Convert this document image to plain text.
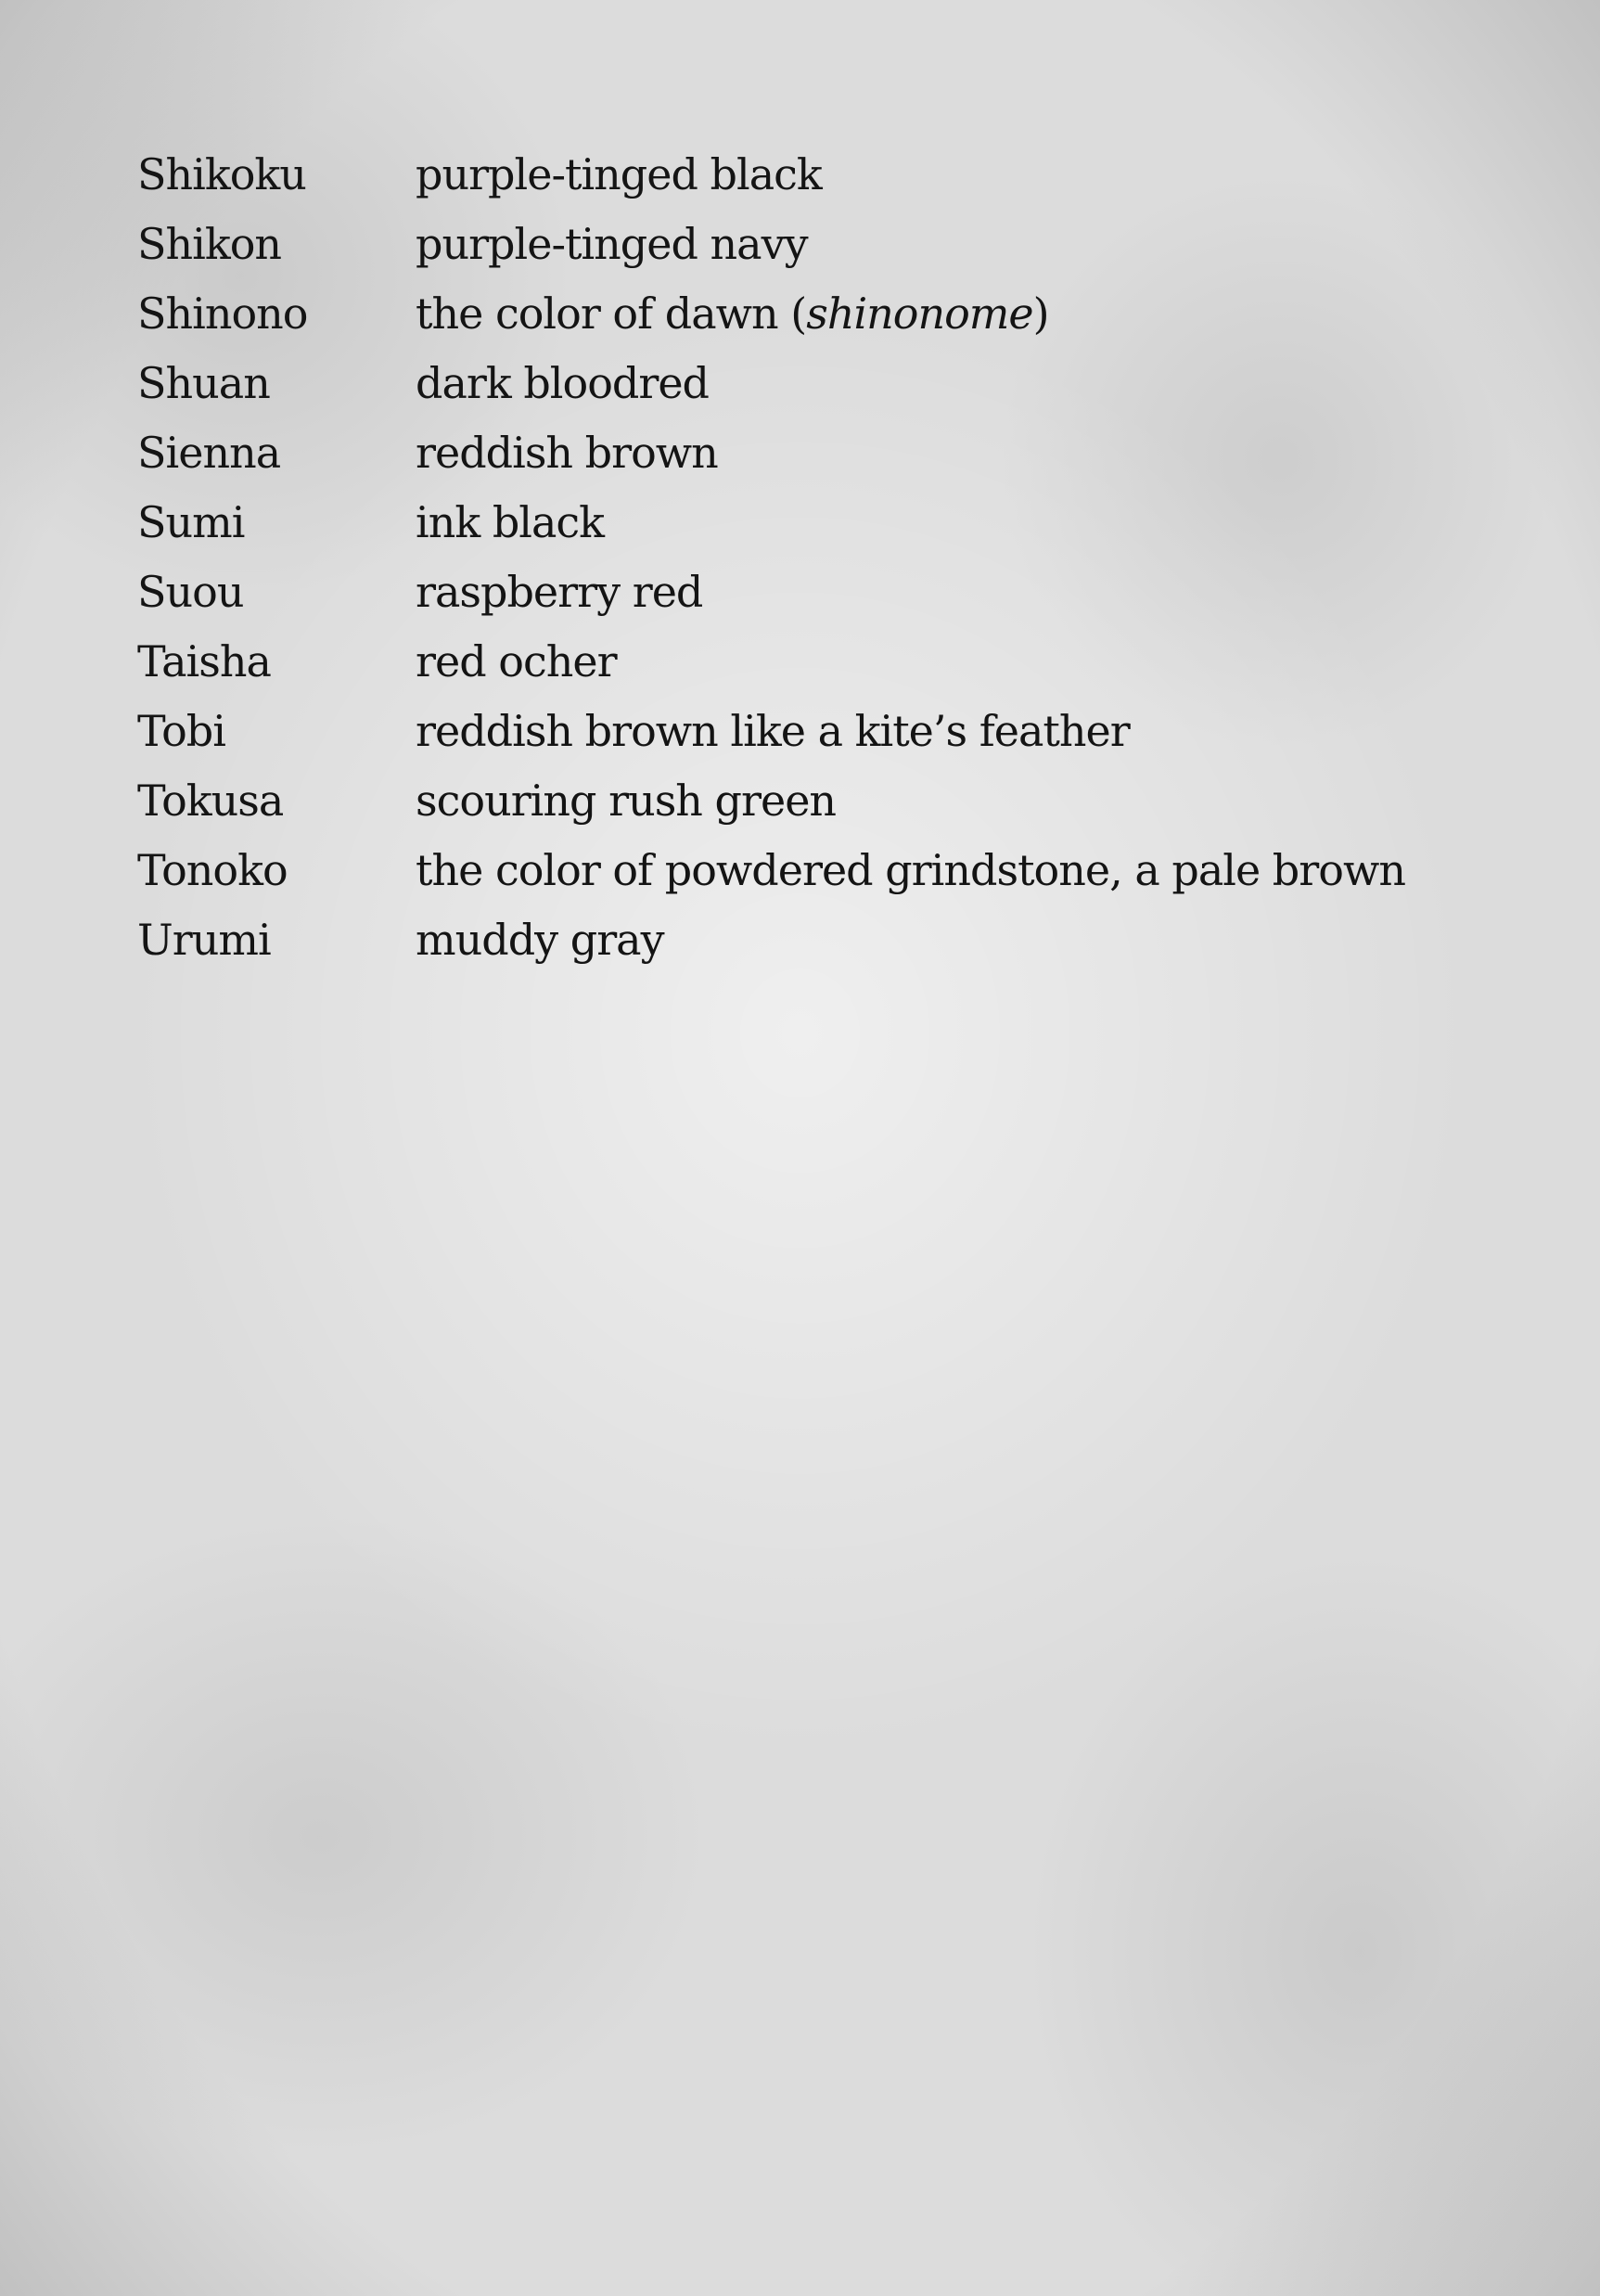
Shikoku	purple-tinged black
Shikon	purple-tinged navy
Shinono	the color of dawn (shinonome)
Shuan	dark bloodred
Sienna	reddish brown
Sumi	ink black
Suou	raspberry red
Taisha	red ocher
Tobi	reddish brown like a kite’s feather
Tokusa	scouring rush green
Tonoko	the color of powdered grindstone, a pale brown
Urumi	muddy gray
